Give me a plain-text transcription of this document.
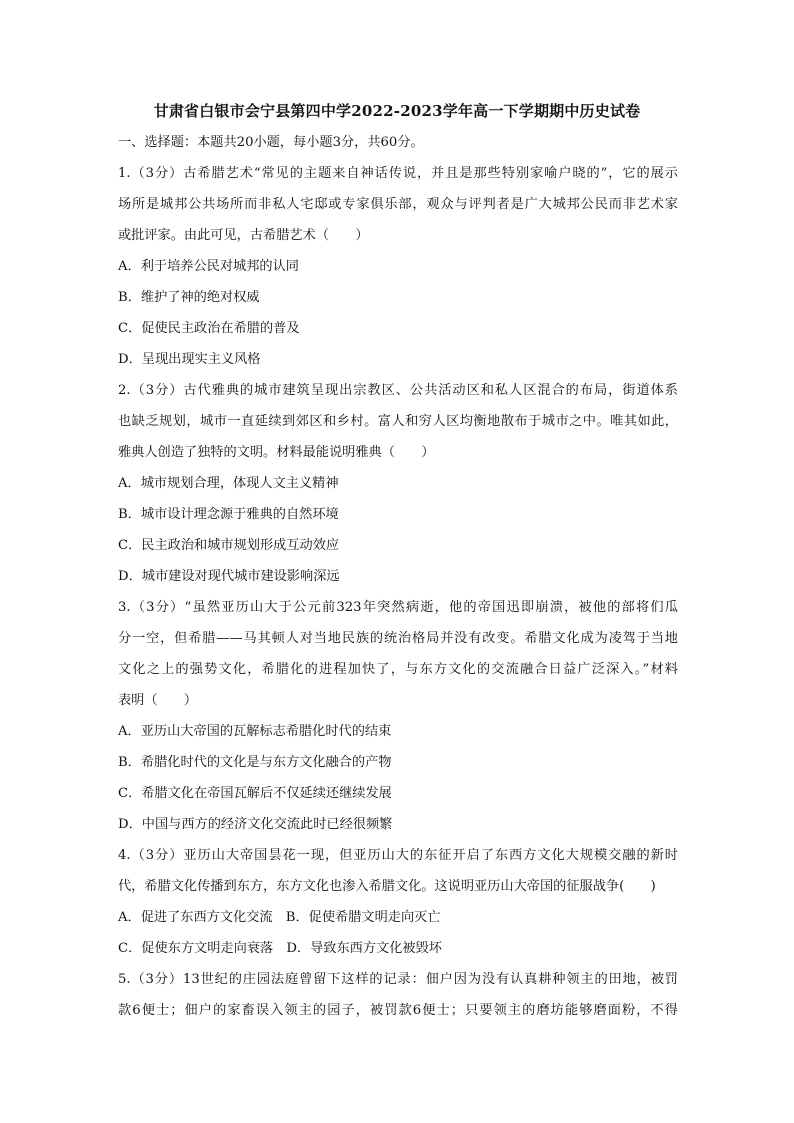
甘肃省白银市会宁县第四中学2022-2023学年高一下学期期中历史试卷
一、选择题：本题共20小题，每小题3分，共60分。
1.（3分）古希腊艺术“常见的主题来自神话传说，并且是那些特别家喻户晓的”，它的展示
场所是城邦公共场所而非私人宅邸或专家俱乐部，观众与评判者是广大城邦公民而非艺术家
或批评家。由此可见，古希腊艺术（　　）
A．利于培养公民对城邦的认同
B．维护了神的绝对权威
C．促使民主政治在希腊的普及
D．呈现出现实主义风格
2.（3分）古代雅典的城市建筑呈现出宗教区、公共活动区和私人区混合的布局，街道体系
也缺乏规划，城市一直延续到郊区和乡村。富人和穷人区均衡地散布于城市之中。唯其如此，
雅典人创造了独特的文明。材料最能说明雅典（　　）
A．城市规划合理，体现人文主义精神
B．城市设计理念源于雅典的自然环境
C．民主政治和城市规划形成互动效应
D．城市建设对现代城市建设影响深远
3.（3分）“虽然亚历山大于公元前323年突然病逝，他的帝国迅即崩溃，被他的部将们瓜
分一空，但希腊——马其顿人对当地民族的统治格局并没有改变。希腊文化成为凌驾于当地
文化之上的强势文化，希腊化的进程加快了，与东方文化的交流融合日益广泛深入。”材料
表明（　　）
A．亚历山大帝国的瓦解标志希腊化时代的结束
B．希腊化时代的文化是与东方文化融合的产物
C．希腊文化在帝国瓦解后不仅延续还继续发展
D．中国与西方的经济文化交流此时已经很频繁
4.（3分）亚历山大帝国昙花一现，但亚历山大的东征开启了东西方文化大规模交融的新时
代，希腊文化传播到东方，东方文化也渗入希腊文化。这说明亚历山大帝国的征服战争(　　)
A．促进了东西方文化交流　B．促使希腊文明走向灭亡
C．促使东方文明走向衰落　D．导致东西方文化被毁坏
5.（3分）13世纪的庄园法庭曾留下这样的记录：佃户因为没有认真耕种领主的田地，被罚
款6便士；佃户的家畜误入领主的园子，被罚款6便士；只要领主的磨坊能够磨面粉，不得
